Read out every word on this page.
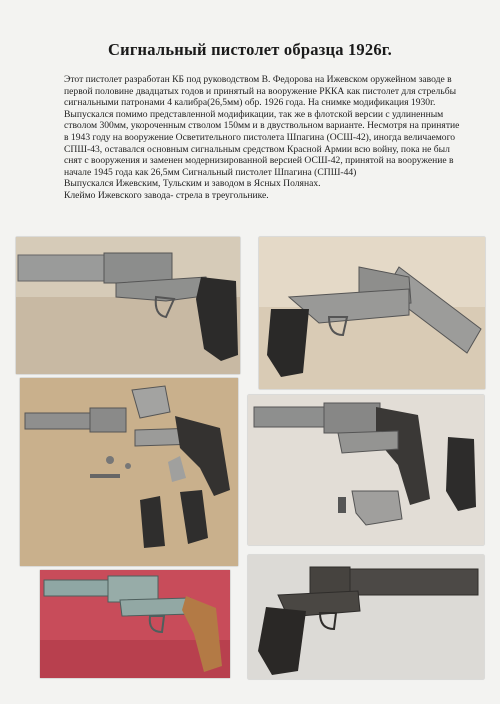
Сигнальный пистолет образца 1926г.

Этот пистолет разработан КБ под руководством В. Федорова на Ижевском оружейном заводе в первой половине двадцатых годов и принятый на вооружение РККА как пистолет для стрельбы сигнальными патронами 4 калибра(26,5мм) обр. 1926 года. На снимке модификация 1930г.

Выпускался помимо представленной модификации, так же в флотской версии с удлиненным стволом 300мм, укороченным стволом 150мм и в двуствольном варианте. Несмотря на принятие в 1943 году на вооружение Осветительного пистолета Шпагина (ОСШ-42), иногда величаемого СПШ-43, оставался основным сигнальным средством Красной Армии всю войну, пока не был снят с вооружения и заменен модернизированной версией ОСШ-42, принятой на вооружение в начале 1945 года как 26,5мм Сигнальный пистолет Шпагина (СПШ-44)

Выпускался Ижевским, Тульским и заводом в Ясных Полянах.

Клеймо Ижевского завода- стрела в треугольнике.
